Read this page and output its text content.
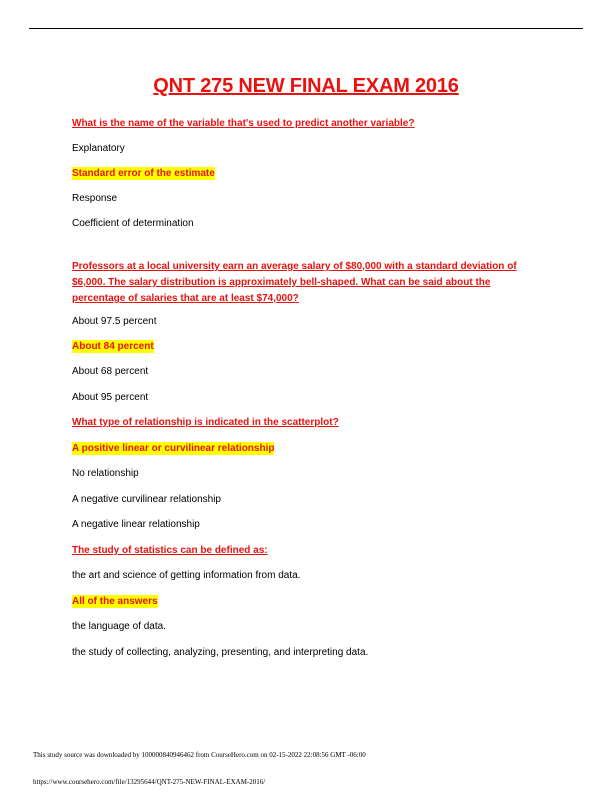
QNT 275 NEW FINAL EXAM 2016
What is the name of the variable that's used to predict another variable?
Explanatory
Standard error of the estimate
Response
Coefficient of determination
Professors at a local university earn an average salary of $80,000 with a standard deviation of $6,000. The salary distribution is approximately bell-shaped. What can be said about the percentage of salaries that are at least $74,000?
About 97.5 percent
About 84 percent
About 68 percent
About 95 percent
What type of relationship is indicated in the scatterplot?
A positive linear or curvilinear relationship
No relationship
A negative curvilinear relationship
A negative linear relationship
The study of statistics can be defined as:
the art and science of getting information from data.
All of the answers
the language of data.
the study of collecting, analyzing, presenting, and interpreting data.
This study source was downloaded by 100000840946462 from CourseHero.com on 02-15-2022 22:08:56 GMT -06:00
https://www.coursehero.com/file/13295644/QNT-275-NEW-FINAL-EXAM-2016/
